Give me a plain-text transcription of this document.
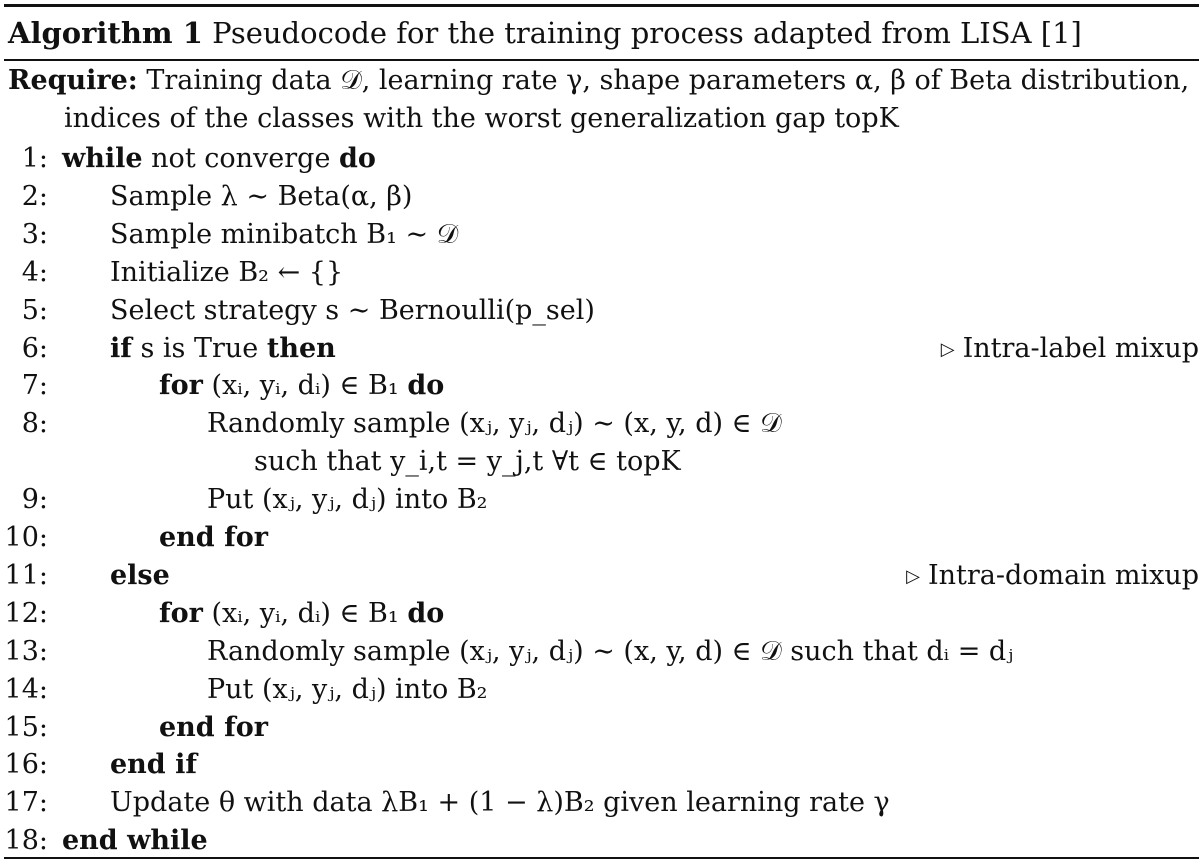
Algorithm 1 Pseudocode for the training process adapted from LISA [1]
Require: Training data 𝒟, learning rate γ, shape parameters α, β of Beta distribution,
indices of the classes with the worst generalization gap topK
1: while not converge do
2: Sample λ ∼ Beta(α, β)
3: Sample minibatch B₁ ∼ 𝒟
4: Initialize B₂ ← {}
5: Select strategy s ∼ Bernoulli(p_sel)
6: if s is True then	▷ Intra-label mixup
7:	for (xᵢ, yᵢ, dᵢ) ∈ B₁ do
8:	Randomly sample (xⱼ, yⱼ, dⱼ) ∼ (x, y, d) ∈ 𝒟
such that y_i,t = y_j,t ∀t ∈ topK
9:	Put (xⱼ, yⱼ, dⱼ) into B₂
10:	end for
11: else	▷ Intra-domain mixup
12:	for (xᵢ, yᵢ, dᵢ) ∈ B₁ do
13:	Randomly sample (xⱼ, yⱼ, dⱼ) ∼ (x, y, d) ∈ 𝒟 such that dᵢ = dⱼ
14:	Put (xⱼ, yⱼ, dⱼ) into B₂
15:	end for
16: end if
17: Update θ with data λB₁ + (1 − λ)B₂ given learning rate γ
18: end while
